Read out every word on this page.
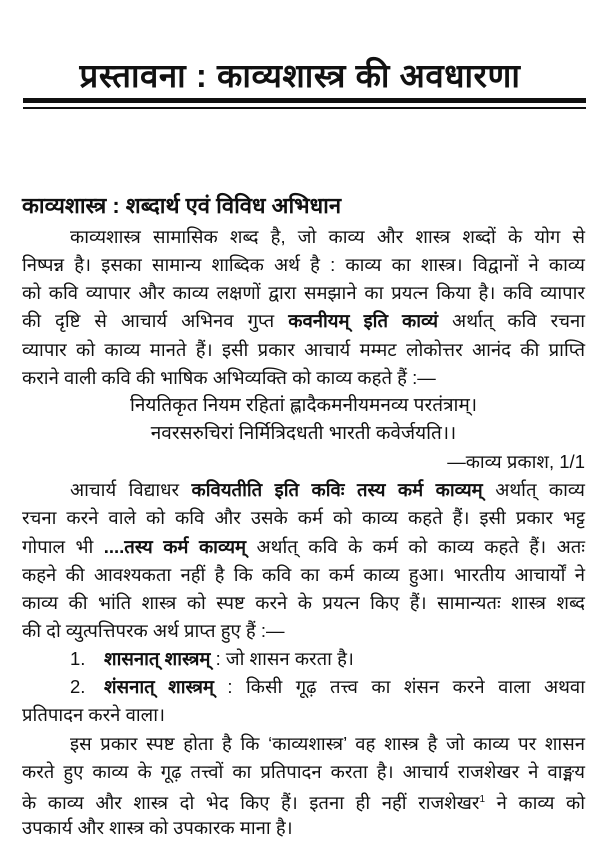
प्रस्तावना : काव्यशास्त्र की अवधारणा
काव्यशास्त्र : शब्दार्थ एवं विविध अभिधान
काव्यशास्त्र सामासिक शब्द है, जो काव्य और शास्त्र शब्दों के योग से
निष्पन्न है। इसका सामान्य शाब्दिक अर्थ है : काव्य का शास्त्र। विद्वानों ने काव्य
को कवि व्यापार और काव्य लक्षणों द्वारा समझाने का प्रयत्न किया है। कवि व्यापार
की दृष्टि से आचार्य अभिनव गुप्त कवनीयम् इति काव्यं अर्थात् कवि रचना
व्यापार को काव्य मानते हैं। इसी प्रकार आचार्य मम्मट लोकोत्तर आनंद की प्राप्ति
कराने वाली कवि की भाषिक अभिव्यक्ति को काव्य कहते हैं :—
नियतिकृत नियम रहितां ह्लादैकमनीयमनव्य परतंत्राम्।
नवरसरुचिरां निर्मित्रिदधती भारती कवेर्जयति।।
—काव्य प्रकाश, 1/1
आचार्य विद्याधर कवियतीति इति कविः तस्य कर्म काव्यम् अर्थात् काव्य
रचना करने वाले को कवि और उसके कर्म को काव्य कहते हैं। इसी प्रकार भट्ट
गोपाल भी ....तस्य कर्म काव्यम् अर्थात् कवि के कर्म को काव्य कहते हैं। अतः
कहने की आवश्यकता नहीं है कि कवि का कर्म काव्य हुआ। भारतीय आचार्यों ने
काव्य की भांति शास्त्र को स्पष्ट करने के प्रयत्न किए हैं। सामान्यतः शास्त्र शब्द
की दो व्युत्पत्तिपरक अर्थ प्राप्त हुए हैं :—
1. शासनात् शास्त्रम् : जो शासन करता है।
2. शंसनात् शास्त्रम् : किसी गूढ़ तत्त्व का शंसन करने वाला अथवा
प्रतिपादन करने वाला।
इस प्रकार स्पष्ट होता है कि ‘काव्यशास्त्र’ वह शास्त्र है जो काव्य पर शासन
करते हुए काव्य के गूढ़ तत्त्वों का प्रतिपादन करता है। आचार्य राजशेखर ने वाङ्मय
के काव्य और शास्त्र दो भेद किए हैं। इतना ही नहीं राजशेखर$^1$ ने काव्य को
उपकार्य और शास्त्र को उपकारक माना है।
